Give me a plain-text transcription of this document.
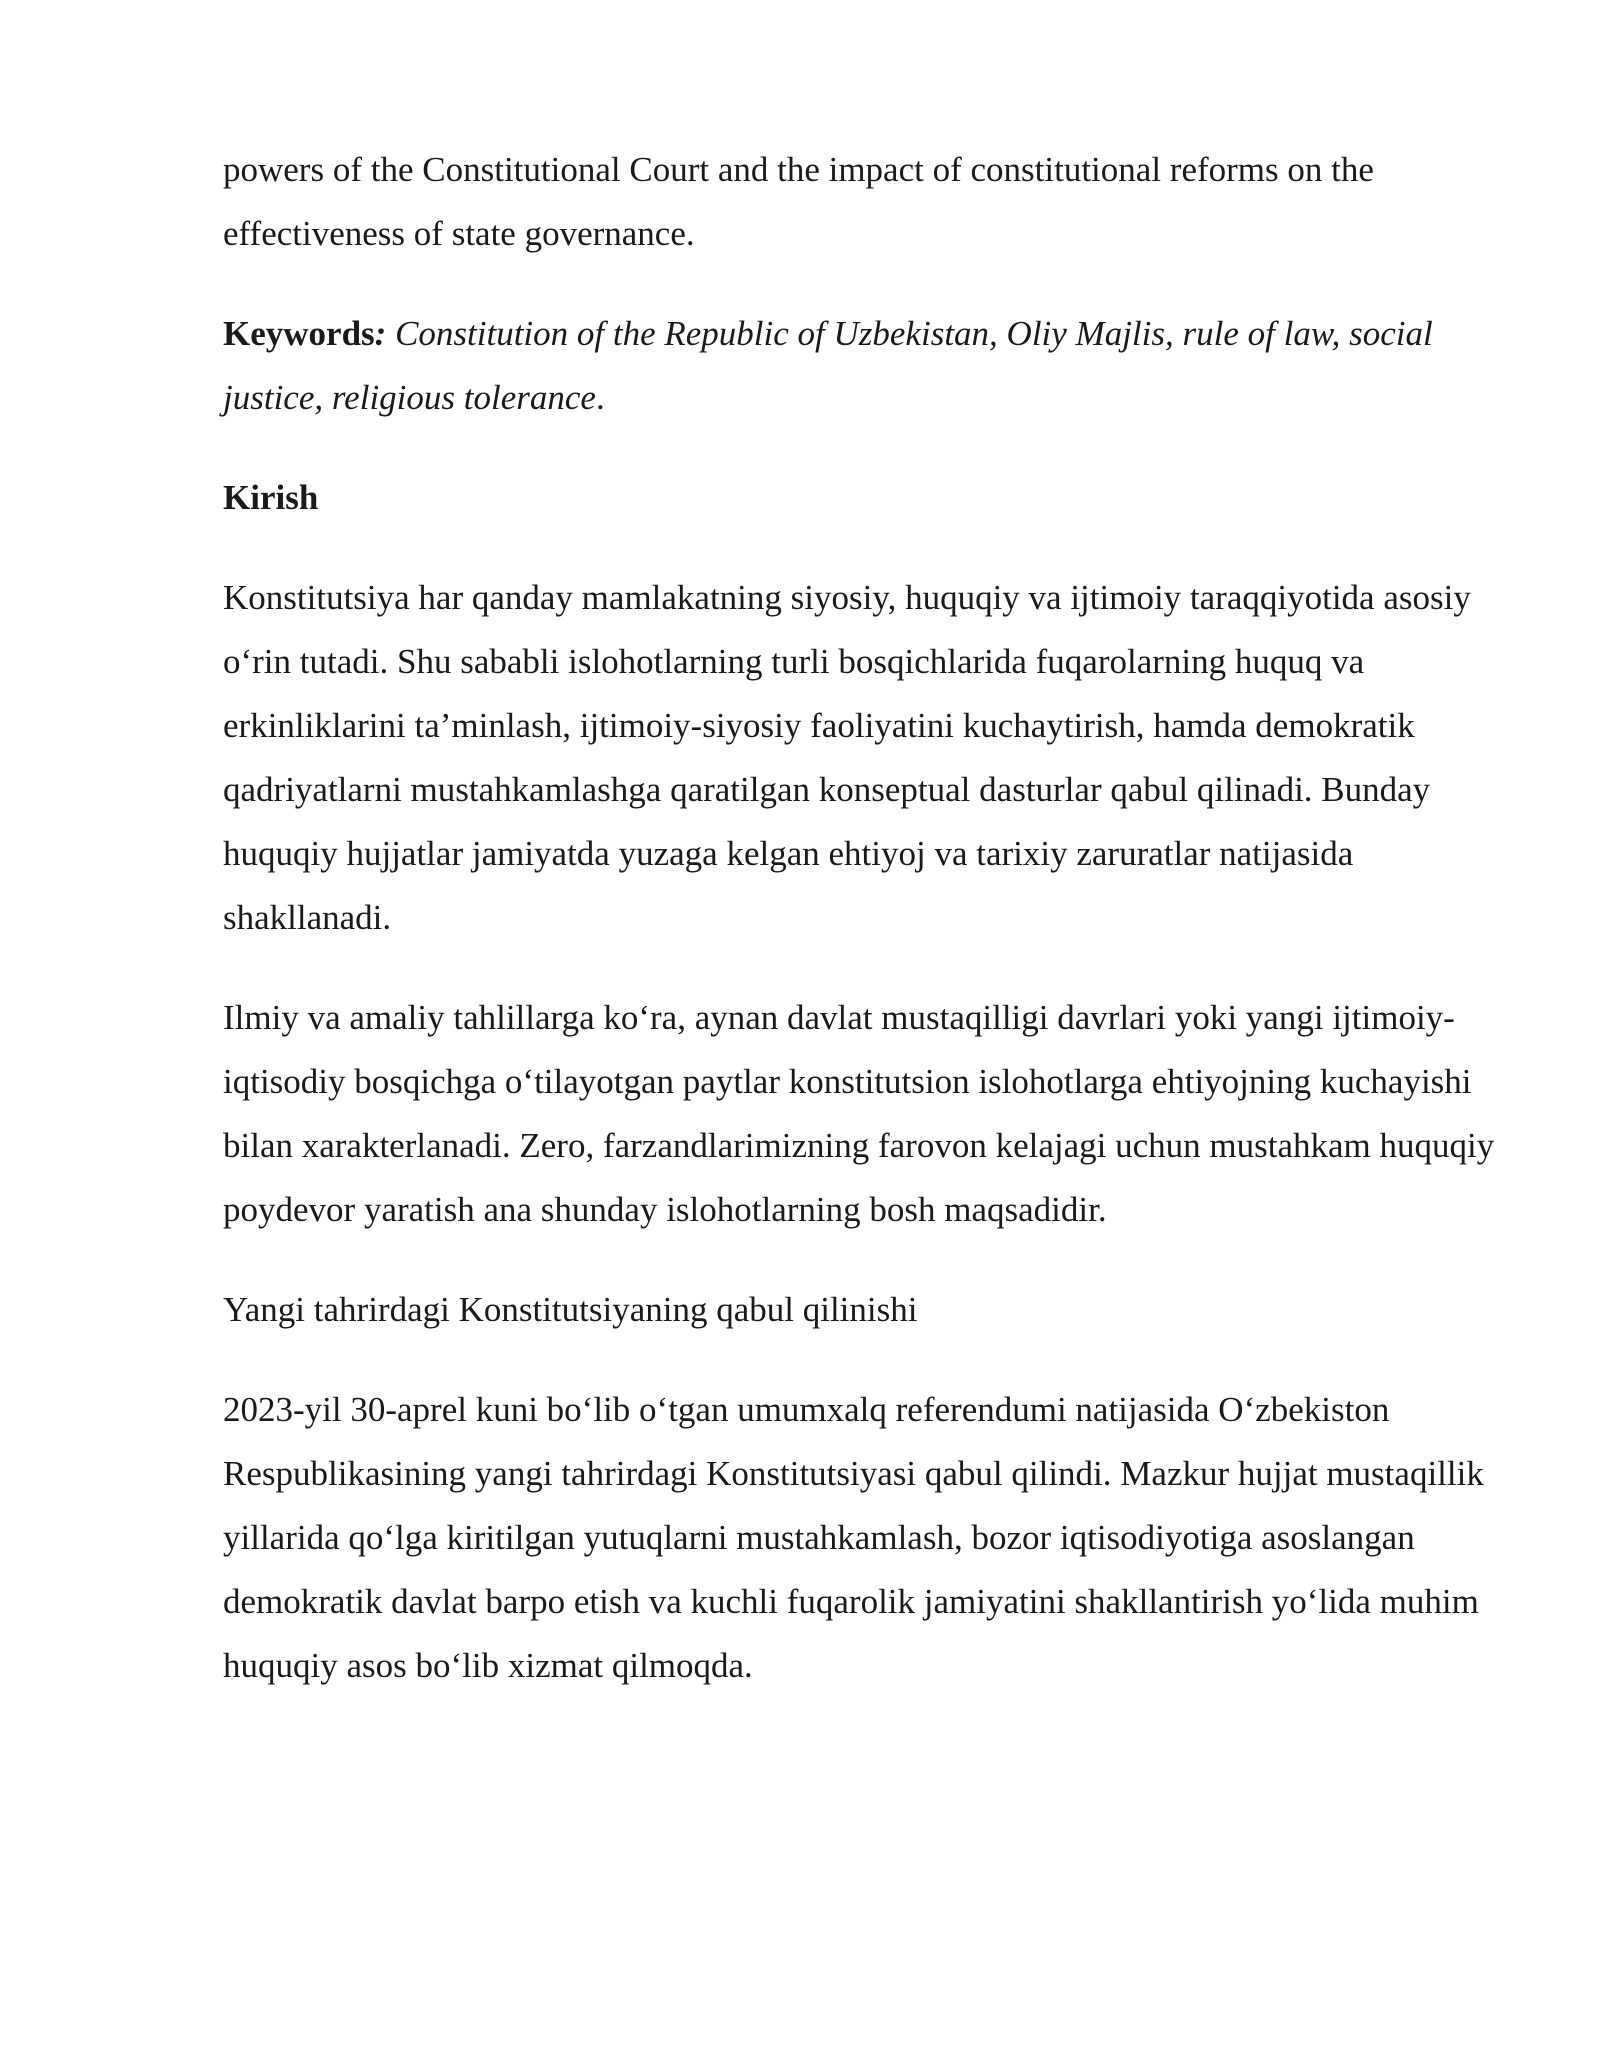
powers of the Constitutional Court and the impact of constitutional reforms on the effectiveness of state governance.

Keywords: Constitution of the Republic of Uzbekistan, Oliy Majlis, rule of law, social justice, religious tolerance.

Kirish

Konstitutsiya har qanday mamlakatning siyosiy, huquqiy va ijtimoiy taraqqiyotida asosiy o‘rin tutadi. Shu sababli islohotlarning turli bosqichlarida fuqarolarning huquq va erkinliklarini ta’minlash, ijtimoiy-siyosiy faoliyatini kuchaytirish, hamda demokratik qadriyatlarni mustahkamlashga qaratilgan konseptual dasturlar qabul qilinadi. Bunday huquqiy hujjatlar jamiyatda yuzaga kelgan ehtiyoj va tarixiy zaruratlar natijasida shakllanadi.

Ilmiy va amaliy tahlillarga ko‘ra, aynan davlat mustaqilligi davrlari yoki yangi ijtimoiy-iqtisodiy bosqichga o‘tilayotgan paytlar konstitutsion islohotlarga ehtiyojning kuchayishi bilan xarakterlanadi. Zero, farzandlarimizning farovon kelajagi uchun mustahkam huquqiy poydevor yaratish ana shunday islohotlarning bosh maqsadidir.

Yangi tahrirdagi Konstitutsiyaning qabul qilinishi

2023-yil 30-aprel kuni bo‘lib o‘tgan umumxalq referendumi natijasida O‘zbekiston Respublikasining yangi tahrirdagi Konstitutsiyasi qabul qilindi. Mazkur hujjat mustaqillik yillarida qo‘lga kiritilgan yutuqlarni mustahkamlash, bozor iqtisodiyotiga asoslangan demokratik davlat barpo etish va kuchli fuqarolik jamiyatini shakllantirish yo‘lida muhim huquqiy asos bo‘lib xizmat qilmoqda.
